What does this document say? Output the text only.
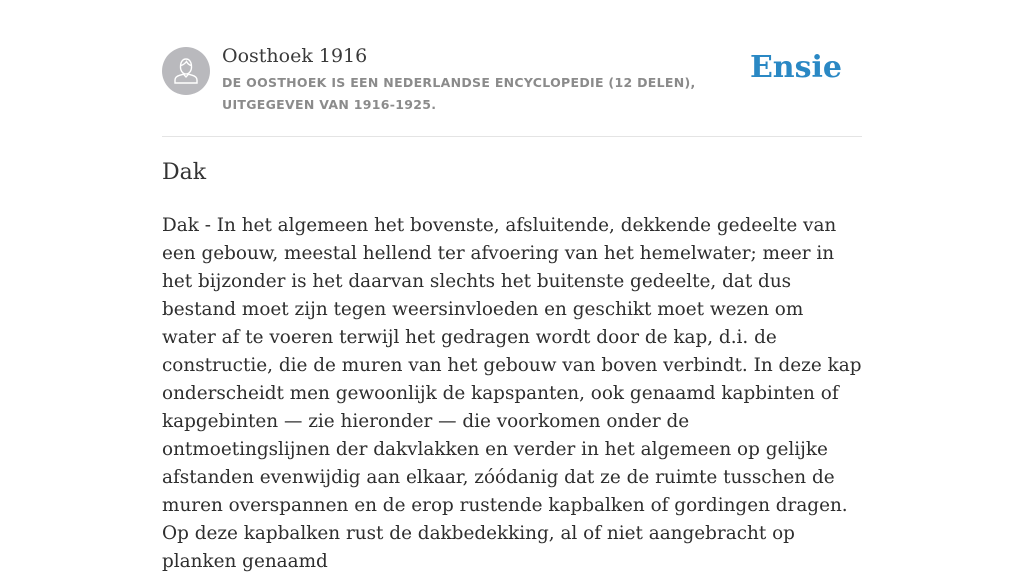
Oosthoek 1916
DE OOSTHOEK IS EEN NEDERLANDSE ENCYCLOPEDIE (12 DELEN), UITGEGEVEN VAN 1916-1925.
Ensie
Dak

Dak - In het algemeen het bovenste, afsluitende, dekkende gedeelte van een gebouw, meestal hellend ter afvoering van het hemelwater; meer in het bijzonder is het daarvan slechts het buitenste gedeelte, dat dus bestand moet zijn tegen weersinvloeden en geschikt moet wezen om water af te voeren terwijl het gedragen wordt door de kap, d.i. de constructie, die de muren van het gebouw van boven verbindt. In deze kap onderscheidt men gewoonlijk de kapspanten, ook genaamd kapbinten of kapgebinten — zie hieronder — die voorkomen onder de ontmoetingslijnen der dakvlakken en verder in het algemeen op gelijke afstanden evenwijdig aan elkaar, zóódanig dat ze de ruimte tusschen de muren overspannen en de erop rustende kapbalken of gordingen dragen. Op deze kapbalken rust de dakbedekking, al of niet aangebracht op planken genaamd
